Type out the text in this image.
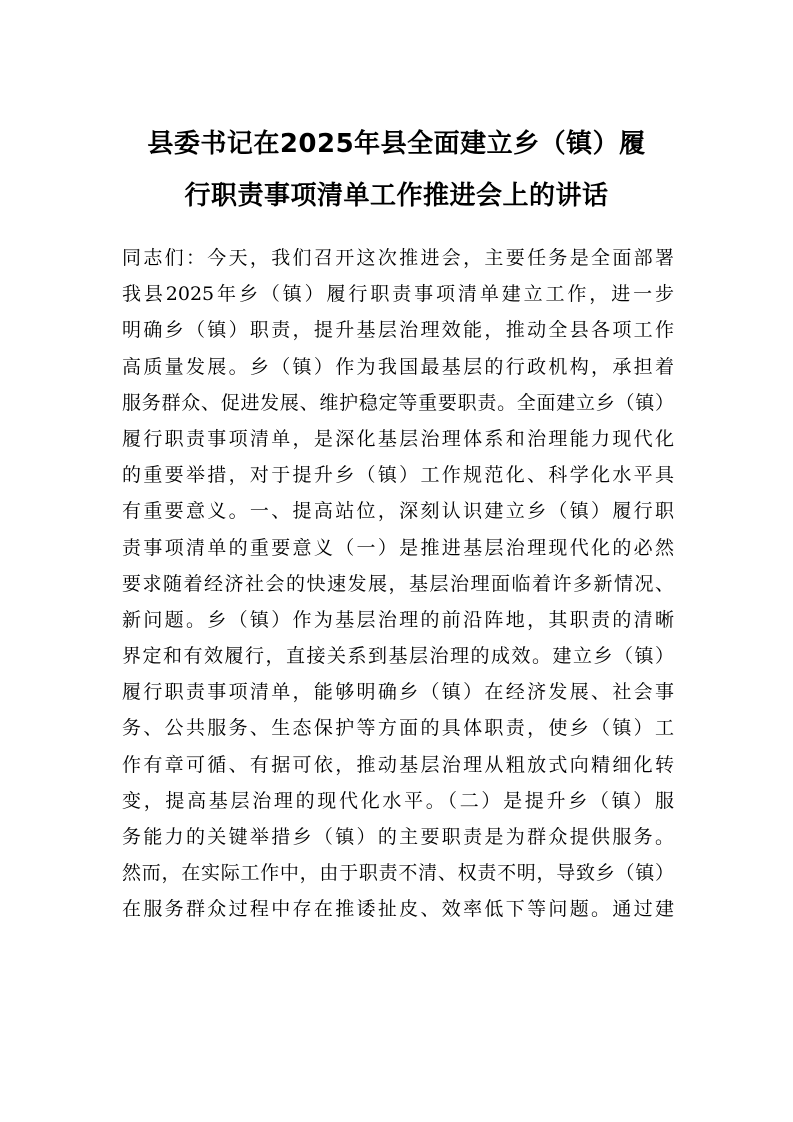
县委书记在2025年县全面建立乡（镇）履
行职责事项清单工作推进会上的讲话
同志们：今天，我们召开这次推进会，主要任务是全面部署
我县2025年乡（镇）履行职责事项清单建立工作，进一步
明确乡（镇）职责，提升基层治理效能，推动全县各项工作
高质量发展。乡（镇）作为我国最基层的行政机构，承担着
服务群众、促进发展、维护稳定等重要职责。全面建立乡（镇）
履行职责事项清单，是深化基层治理体系和治理能力现代化
的重要举措，对于提升乡（镇）工作规范化、科学化水平具
有重要意义。一、提高站位，深刻认识建立乡（镇）履行职
责事项清单的重要意义（一）是推进基层治理现代化的必然
要求随着经济社会的快速发展，基层治理面临着许多新情况、
新问题。乡（镇）作为基层治理的前沿阵地，其职责的清晰
界定和有效履行，直接关系到基层治理的成效。建立乡（镇）
履行职责事项清单，能够明确乡（镇）在经济发展、社会事
务、公共服务、生态保护等方面的具体职责，使乡（镇）工
作有章可循、有据可依，推动基层治理从粗放式向精细化转
变，提高基层治理的现代化水平。（二）是提升乡（镇）服
务能力的关键举措乡（镇）的主要职责是为群众提供服务。
然而，在实际工作中，由于职责不清、权责不明，导致乡（镇）
在服务群众过程中存在推诿扯皮、效率低下等问题。通过建
